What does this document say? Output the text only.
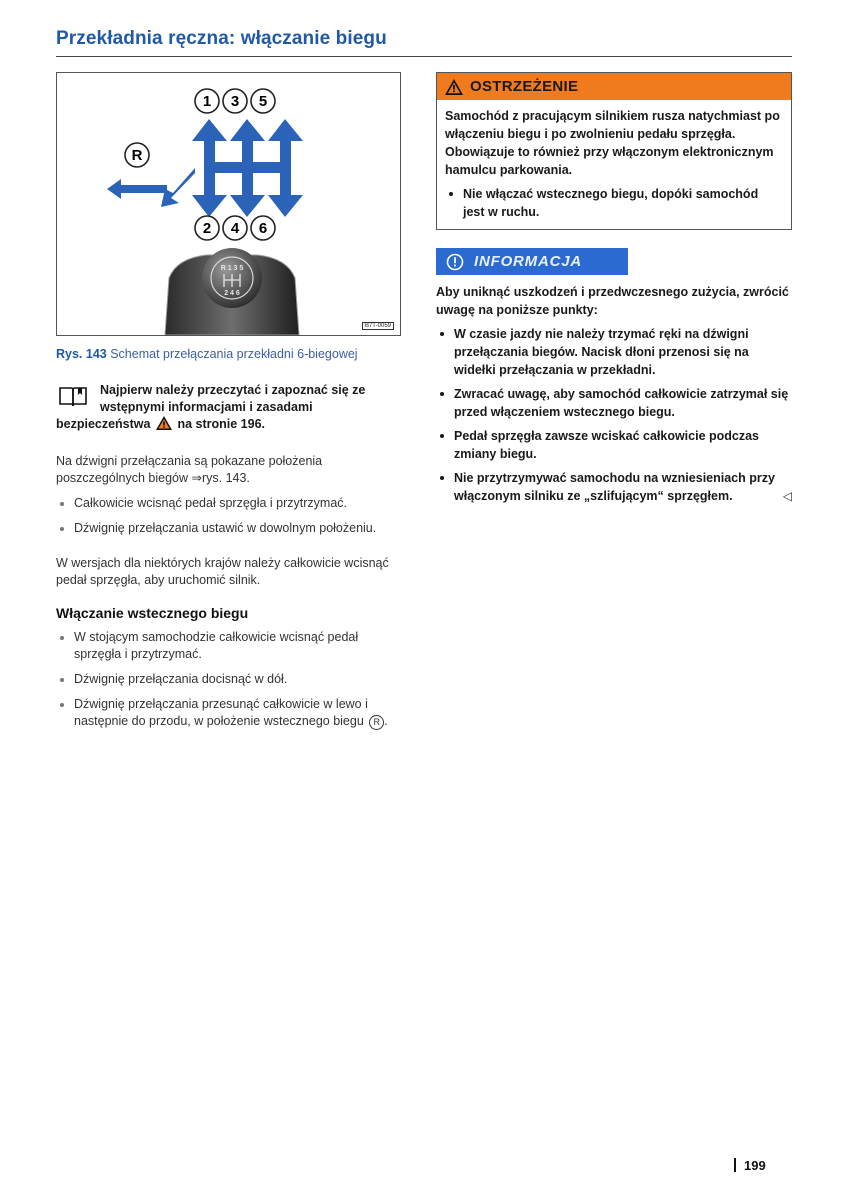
Przekładnia ręczna: włączanie biegu
1 3 5
R
2 4 6
R 1 3 5
2 4 6
B7T-0059
Rys. 143 Schemat przełączania przekładni 6-biegowej
Najpierw należy przeczytać i zapoznać się ze wstępnymi informacjami i zasadami bezpieczeństwa na stronie 196.

Na dźwigni przełączania są pokazane położenia poszczególnych biegów ⇒rys. 143.

Całkowicie wcisnąć pedał sprzęgła i przytrzymać.
Dźwignię przełączania ustawić w dowolnym położeniu.

W wersjach dla niektórych krajów należy całkowicie wcisnąć pedał sprzęgła, aby uruchomić silnik.

Włączanie wstecznego biegu
W stojącym samochodzie całkowicie wcisnąć pedał sprzęgła i przytrzymać.
Dźwignię przełączania docisnąć w dół.
Dźwignię przełączania przesunąć całkowicie w lewo i następnie do przodu, w położenie wstecznego biegu R .
OSTRZEŻENIE
Samochód z pracującym silnikiem rusza natychmiast po włączeniu biegu i po zwolnieniu pedału sprzęgła. Obowiązuje to również przy włączonym elektronicznym hamulcu parkowania.
Nie włączać wstecznego biegu, dopóki samochód jest w ruchu.
INFORMACJA
Aby uniknąć uszkodzeń i przedwczesnego zużycia, zwrócić uwagę na poniższe punkty:
W czasie jazdy nie należy trzymać ręki na dźwigni przełączania biegów. Nacisk dłoni przenosi się na widełki przełączania w przekładni.
Zwracać uwagę, aby samochód całkowicie zatrzymał się przed włączeniem wstecznego biegu.
Pedał sprzęgła zawsze wciskać całkowicie podczas zmiany biegu.
Nie przytrzymywać samochodu na wzniesieniach przy włączonym silniku ze „szlifującym“ sprzęgłem.	◁
199
